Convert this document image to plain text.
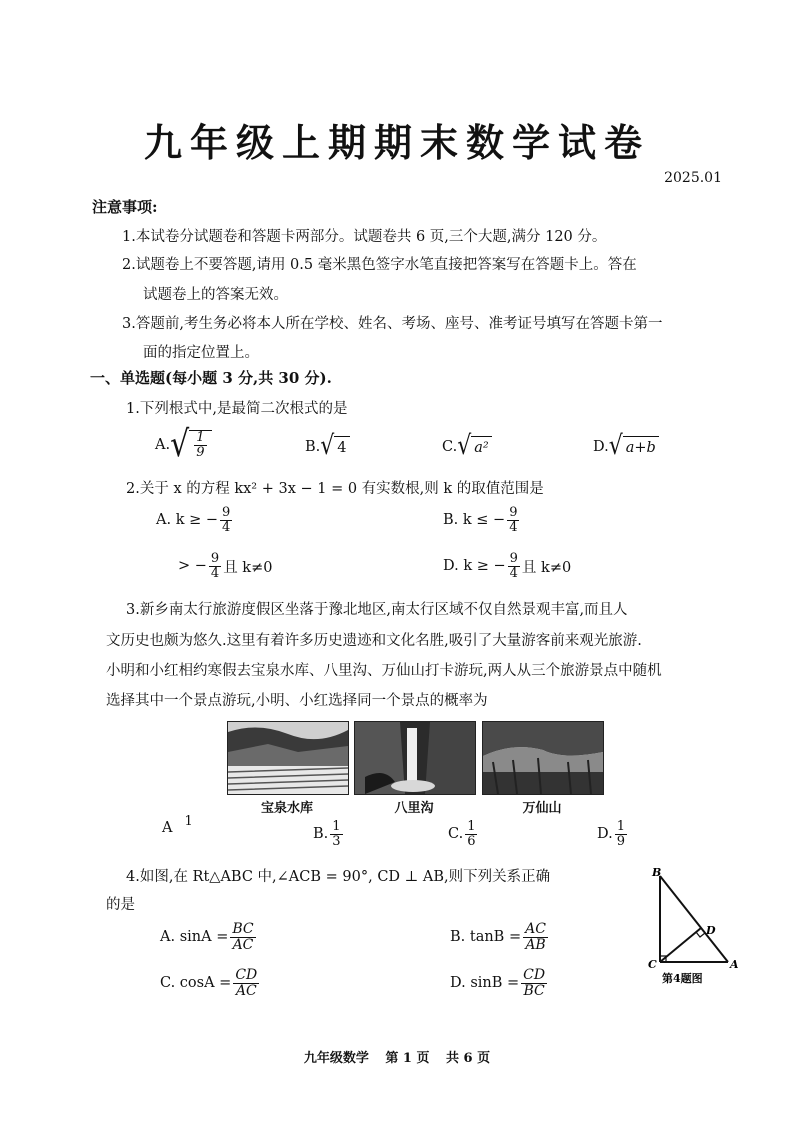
九年级上期期末数学试卷
2025.01
注意事项:
1.本试卷分试题卷和答题卡两部分。试题卷共 6 页,三个大题,满分 120 分。
2.试题卷上不要答题,请用 0.5 毫米黑色签字水笔直接把答案写在答题卡上。答在
试题卷上的答案无效。
3.答题前,考生务必将本人所在学校、姓名、考场、座号、准考证号填写在答题卡第一
面的指定位置上。
一、单选题(每小题 3 分,共 30 分).
1.下列根式中,是最简二次根式的是
A. √ $\frac{1}{9}$	B. √ 4	C. √ a²	D. √ a+b
2.关于 x 的方程 kx² + 3x − 1 = 0 有实数根,则 k 的取值范围是
A. k ≥ − $\frac{9}{4}$	B. k ≤ − $\frac{9}{4}$
> − $\frac{9}{4}$ 且 k≠0	D. k ≥ − $\frac{9}{4}$ 且 k≠0
3.新乡南太行旅游度假区坐落于豫北地区,南太行区域不仅自然景观丰富,而且人
文历史也颇为悠久.这里有着许多历史遗迹和文化名胜,吸引了大量游客前来观光旅游.
小明和小红相约寒假去宝泉水库、八里沟、万仙山打卡游玩,两人从三个旅游景点中随机
选择其中一个景点游玩,小明、小红选择同一个景点的概率为
宝泉水库	八里沟	万仙山
A 1
B. $\frac{1}{3}$	C. $\frac{1}{6}$	D. $\frac{1}{9}$
4.如图,在 Rt△ABC 中,∠ACB = 90°, CD ⊥ AB,则下列关系正确
的是
A. $\sin A = \frac{BC}{AC}$	B. $\tan B = \frac{AC}{AB}$
C. $\cos A = \frac{CD}{AC}$	D. $\sin B = \frac{CD}{BC}$
B
D
C	A
第4题图
九年级数学 第 1 页 共 6 页
